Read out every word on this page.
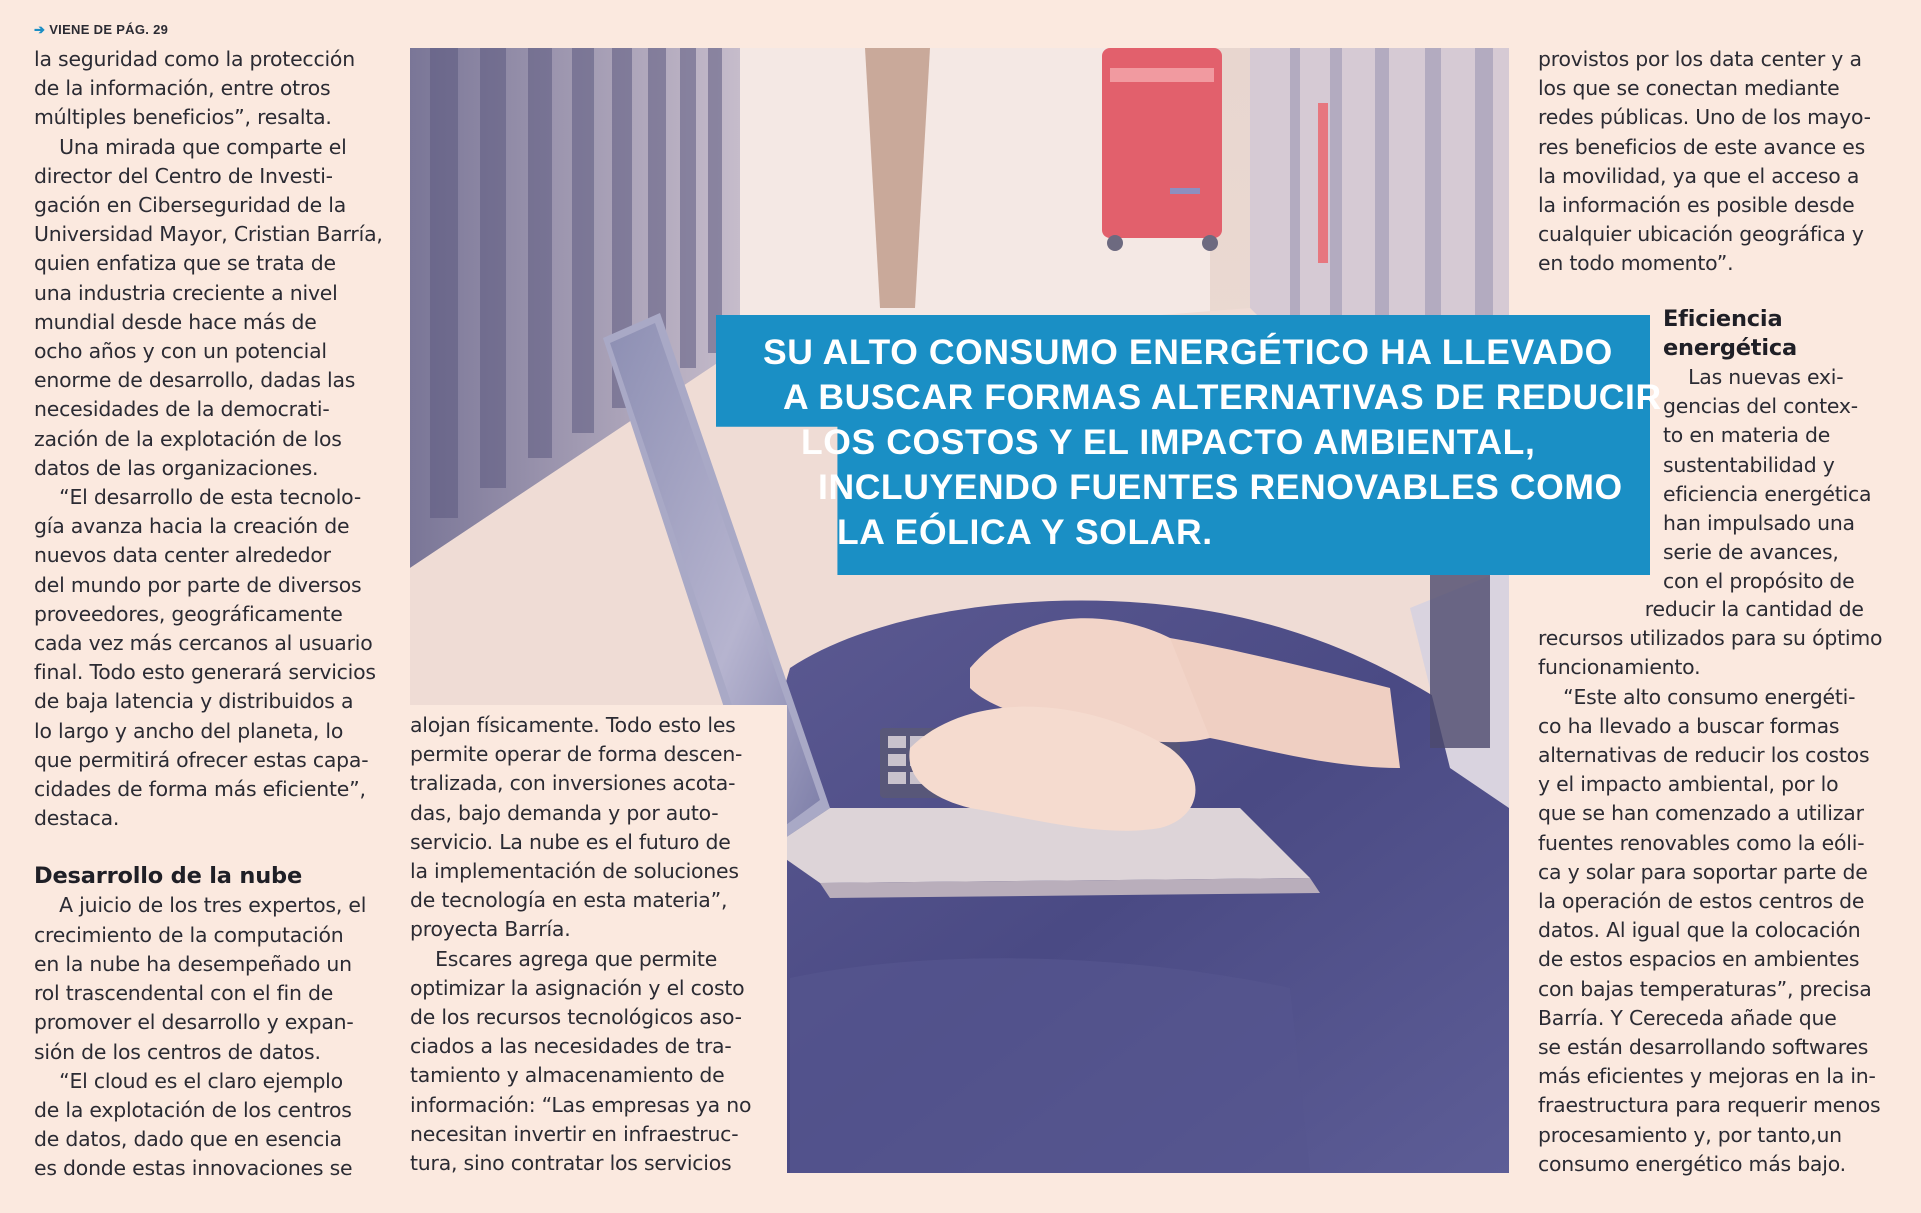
➔ VIENE DE PÁG. 29
SU ALTO CONSUMO ENERGÉTICO HA LLEVADO
A BUSCAR FORMAS ALTERNATIVAS DE REDUCIR
LOS COSTOS Y EL IMPACTO AMBIENTAL,
INCLUYENDO FUENTES RENOVABLES COMO
LA EÓLICA Y SOLAR.

la seguridad como la protección

de la información, entre otros

múltiples beneficios”, resalta.

Una mirada que comparte el

director del Centro de Investi-

gación en Ciberseguridad de la

Universidad Mayor, Cristian Barría,

quien enfatiza que se trata de

una industria creciente a nivel

mundial desde hace más de

ocho años y con un potencial

enorme de desarrollo, dadas las

necesidades de la democrati-

zación de la explotación de los

datos de las organizaciones.

“El desarrollo de esta tecnolo-

gía avanza hacia la creación de

nuevos data center alrededor

del mundo por parte de diversos

proveedores, geográficamente

cada vez más cercanos al usuario

final. Todo esto generará servicios

de baja latencia y distribuidos a

lo largo y ancho del planeta, lo

que permitirá ofrecer estas capa-

cidades de forma más eficiente”,

destaca.

Desarrollo de la nube

A juicio de los tres expertos, el

crecimiento de la computación

en la nube ha desempeñado un

rol trascendental con el fin de

promover el desarrollo y expan-

sión de los centros de datos.

“El cloud es el claro ejemplo

de la explotación de los centros

de datos, dado que en esencia

es donde estas innovaciones se

alojan físicamente. Todo esto les

permite operar de forma descen-

tralizada, con inversiones acota-

das, bajo demanda y por auto-

servicio. La nube es el futuro de

la implementación de soluciones

de tecnología en esta materia”,

proyecta Barría.

Escares agrega que permite

optimizar la asignación y el costo

de los recursos tecnológicos aso-

ciados a las necesidades de tra-

tamiento y almacenamiento de

información: “Las empresas ya no

necesitan invertir en infraestruc-

tura, sino contratar los servicios

provistos por los data center y a

los que se conectan mediante

redes públicas. Uno de los mayo-

res beneficios de este avance es

la movilidad, ya que el acceso a

la información es posible desde

cualquier ubicación geográfica y

en todo momento”.

Eficiencia

energética

Las nuevas exi-

gencias del contex-

to en materia de

sustentabilidad y

eficiencia energética

han impulsado una

serie de avances,

con el propósito de

reducir la cantidad de

recursos utilizados para su óptimo

funcionamiento.

“Este alto consumo energéti-

co ha llevado a buscar formas

alternativas de reducir los costos

y el impacto ambiental, por lo

que se han comenzado a utilizar

fuentes renovables como la eóli-

ca y solar para soportar parte de

la operación de estos centros de

datos. Al igual que la colocación

de estos espacios en ambientes

con bajas temperaturas”, precisa

Barría. Y Cereceda añade que

se están desarrollando softwares

más eficientes y mejoras en la in-

fraestructura para requerir menos

procesamiento y, por tanto,un

consumo energético más bajo.
